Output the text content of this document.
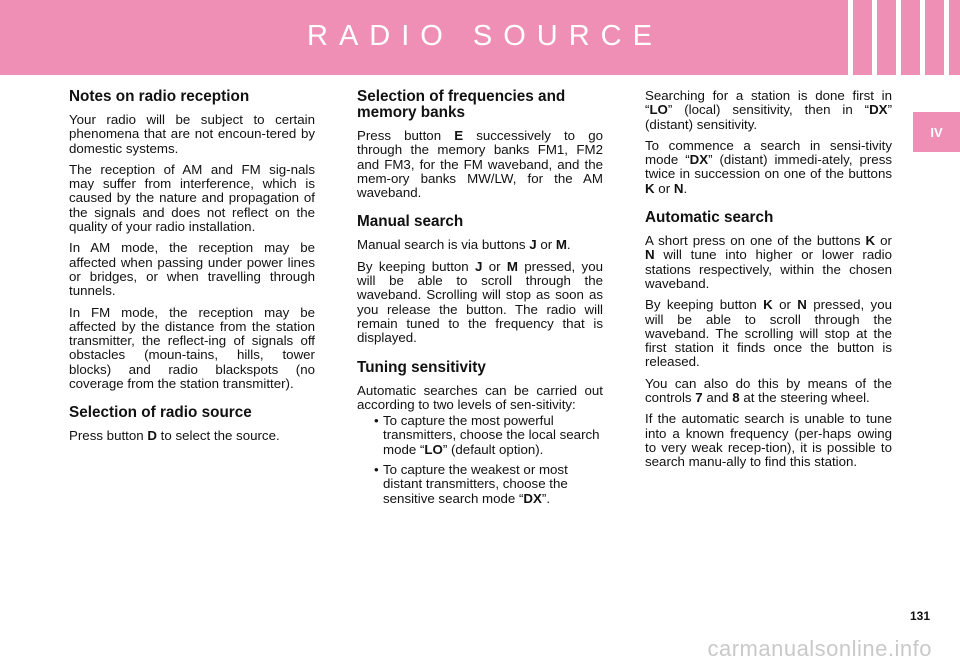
RADIO SOURCE
IV
Notes on radio reception

Your radio will be subject to certain phenomena that are not encoun-tered by domestic systems.

The reception of AM and FM sig-nals may suffer from interference, which is caused by the nature and propagation of the signals and does not reflect on the quality of your radio installation.

In AM mode, the reception may be affected when passing under power lines or bridges, or when travelling through tunnels.

In FM mode, the reception may be affected by the distance from the station transmitter, the reflect-ing of signals off obstacles (moun-tains, hills, tower blocks) and radio blackspots (no coverage from the station transmitter).

Selection of radio source

Press button D to select the source.

Selection of frequencies and memory banks

Press button E successively to go through the memory banks FM1, FM2 and FM3, for the FM waveband, and the mem-ory banks MW/LW, for the AM waveband.

Manual search

Manual search is via buttons J or M.

By keeping button J or M pressed, you will be able to scroll through the waveband. Scrolling will stop as soon as you release the button. The radio will remain tuned to the frequency that is displayed.

Tuning sensitivity

Automatic searches can be carried out according to two levels of sen-sitivity:

• To capture the most powerful transmitters, choose the local search mode “LO” (default option).
• To capture the weakest or most distant transmitters, choose the sensitive search mode “DX”.

Searching for a station is done first in “LO” (local) sensitivity, then in “DX” (distant) sensitivity.

To commence a search in sensi-tivity mode “DX” (distant) immedi-ately, press twice in succession on one of the buttons K or N.

Automatic search

A short press on one of the buttons K or N will tune into higher or lower radio stations respectively, within the chosen waveband.

By keeping button K or N pressed, you will be able to scroll through the waveband. The scrolling will stop at the first station it finds once the button is released.

You can also do this by means of the controls 7 and 8 at the steering wheel.

If the automatic search is unable to tune into a known frequency (per-haps owing to very weak recep-tion), it is possible to search manu-ally to find this station.

131
carmanualsonline.info
